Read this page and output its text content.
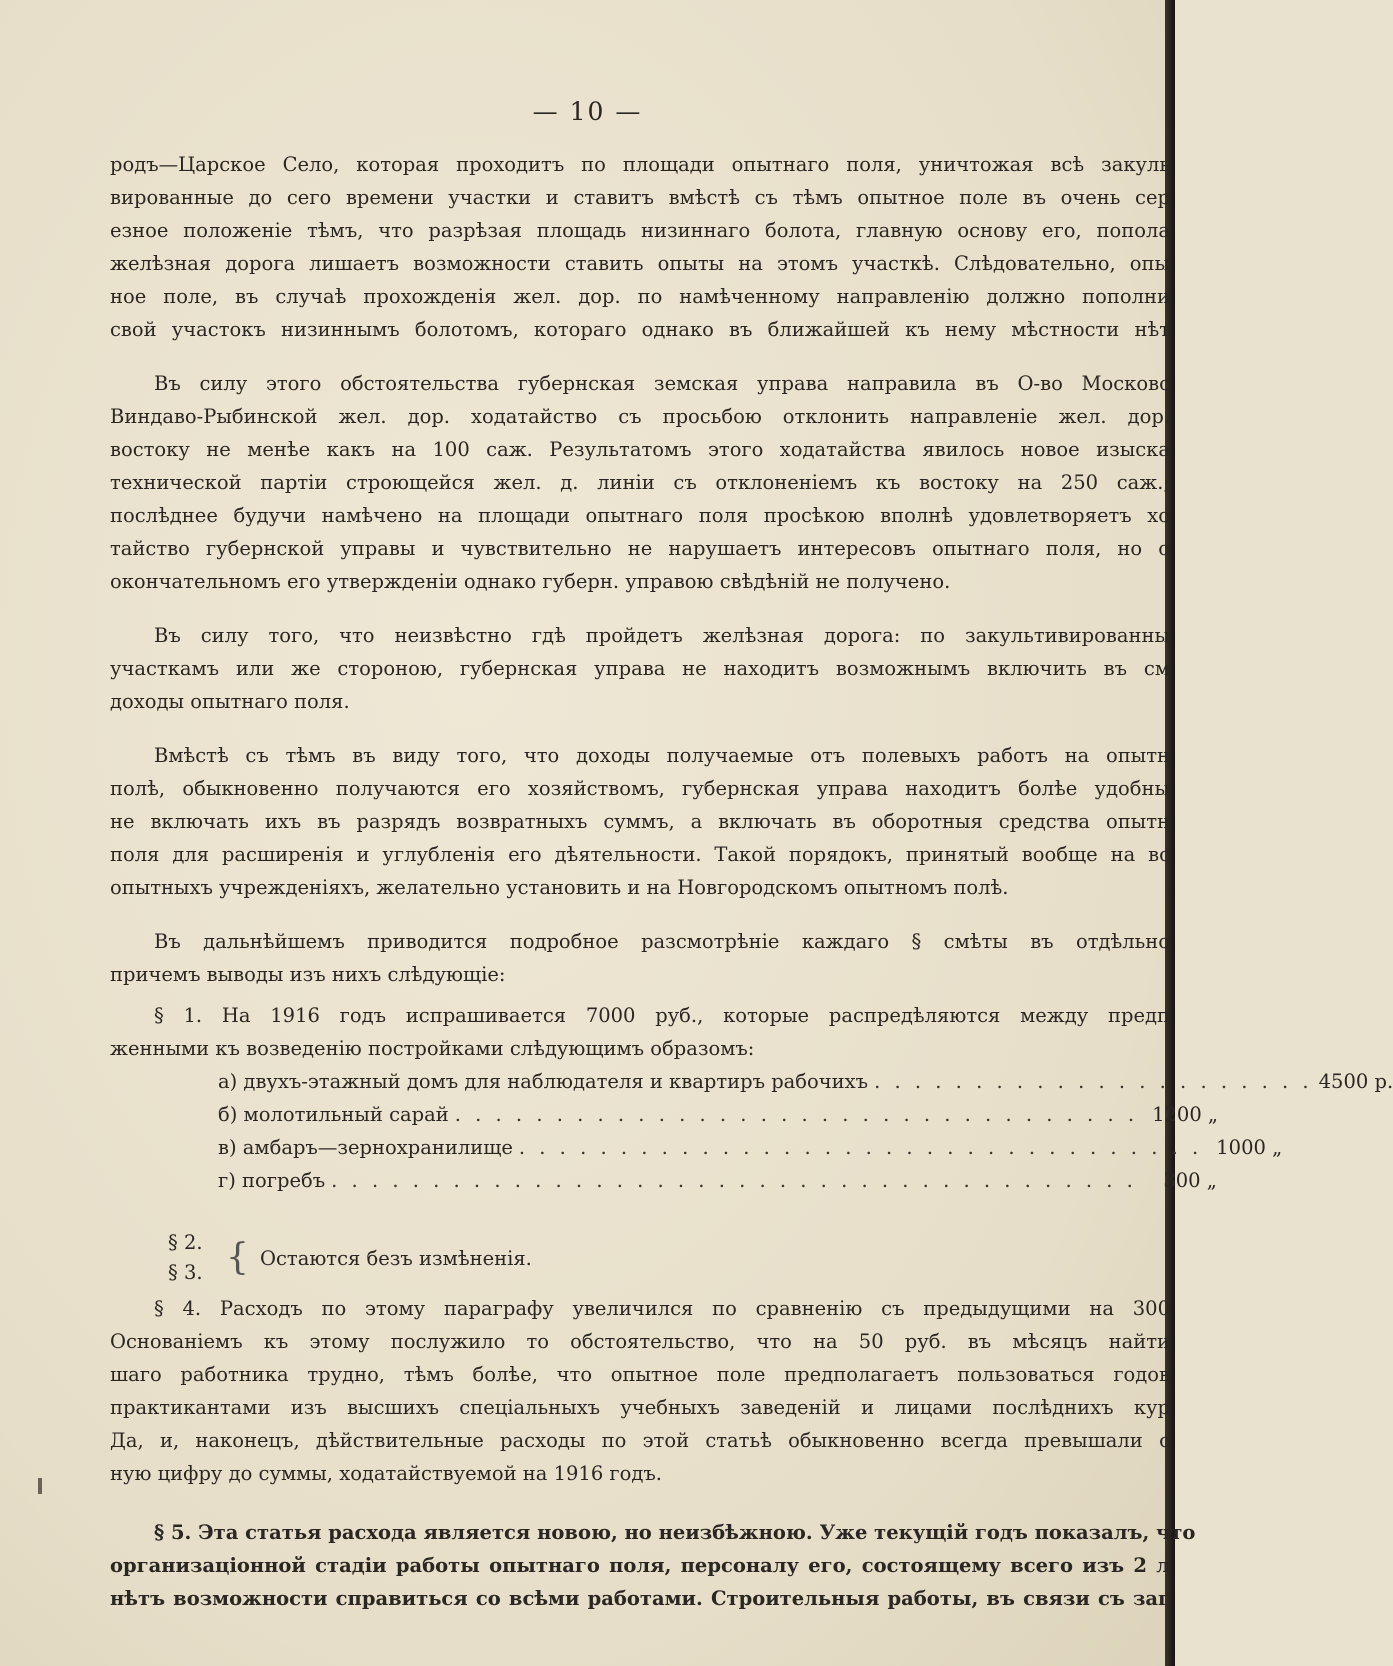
— 10 —
родъ—Царское Село, которая проходитъ по площади опытнаго поля, уничтожая всѣ закуль
вированные до сего времени участки и ставитъ вмѣстѣ съ тѣмъ опытное поле въ очень сер
езное положеніе тѣмъ, что разрѣзая площадь низиннаго болота, главную основу его, попола
желѣзная дорога лишаетъ возможности ставить опыты на этомъ участкѣ. Слѣдовательно, опы
ное поле, въ случаѣ прохожденія жел. дор. по намѣченному направленію должно пополни
свой участокъ низиннымъ болотомъ, котораго однако въ ближайшей къ нему мѣстности нѣт
Въ силу этого обстоятельства губернская земская управа направила въ О-во Московс
Виндаво-Рыбинской жел. дор. ходатайство съ просьбою отклонить направленіе жел. дор.
востоку не менѣе какъ на 100 саж. Результатомъ этого ходатайства явилось новое изыска
технической партіи строющейся жел. д. линіи съ отклоненіемъ къ востоку на 250 саж.;
послѣднее будучи намѣчено на площади опытнаго поля просѣкою вполнѣ удовлетворяетъ хо
тайство губернской управы и чувствительно не нарушаетъ интересовъ опытнаго поля, но о
окончательномъ его утвержденіи однако губерн. управою свѣдѣній не получено.
Въ силу того, что неизвѣстно гдѣ пройдетъ желѣзная дорога: по закультивированны
участкамъ или же стороною, губернская управа не находитъ возможнымъ включить въ см
доходы опытнаго поля.
Вмѣстѣ съ тѣмъ въ виду того, что доходы получаемые отъ полевыхъ работъ на опытн
полѣ, обыкновенно получаются его хозяйствомъ, губернская управа находитъ болѣе удобны
не включать ихъ въ разрядъ возвратныхъ суммъ, а включать въ оборотныя средства опытн
поля для расширенія и углубленія его дѣятельности. Такой порядокъ, принятый вообще на вс
опытныхъ учрежденіяхъ, желательно установить и на Новгородскомъ опытномъ полѣ.
Въ дальнѣйшемъ приводится подробное разсмотрѣніе каждаго § смѣты въ отдѣльно
причемъ выводы изъ нихъ слѣдующіе:
§ 1. На 1916 годъ испрашивается 7000 руб., которые распредѣляются между предп
женными къ возведенію постройками слѣдующимъ образомъ:
а) двухъ-этажный домъ для наблюдателя и квартиръ рабочихъ . . . . . . . . . . . . . . . . . . . . . . 4500 р.
б) молотильный сарай . . . . . . . . . . . . . . . . . . . . . . . . . . . . . . . . . . 1200 „
в) амбаръ—зернохранилище . . . . . . . . . . . . . . . . . . . . . . . . . . . . . . . . . . 1000 „
г) погребъ . . . . . . . . . . . . . . . . . . . . . . . . . . . . . . . . . . . . . . . .	300 „
§ 2.
§ 3. { Остаются безъ измѣненія.
§ 4. Расходъ по этому параграфу увеличился по сравненію съ предыдущими на 300
Основаніемъ къ этому послужило то обстоятельство, что на 50 руб. въ мѣсяцъ найти
шаго работника трудно, тѣмъ болѣе, что опытное поле предполагаетъ пользоваться годов
практикантами изъ высшихъ спеціальныхъ учебныхъ заведеній и лицами послѣднихъ кур
Да, и, наконецъ, дѣйствительные расходы по этой статьѣ обыкновенно всегда превышали с
ную цифру до суммы, ходатайствуемой на 1916 годъ.
§ 5. Эта статья расхода является новою, но неизбѣжною. Уже текущій годъ показалъ, что
организаціонной стадіи работы опытнаго поля, персоналу его, состоящему всего изъ 2 л
нѣтъ возможности справиться со всѣми работами. Строительныя работы, въ связи съ заг
